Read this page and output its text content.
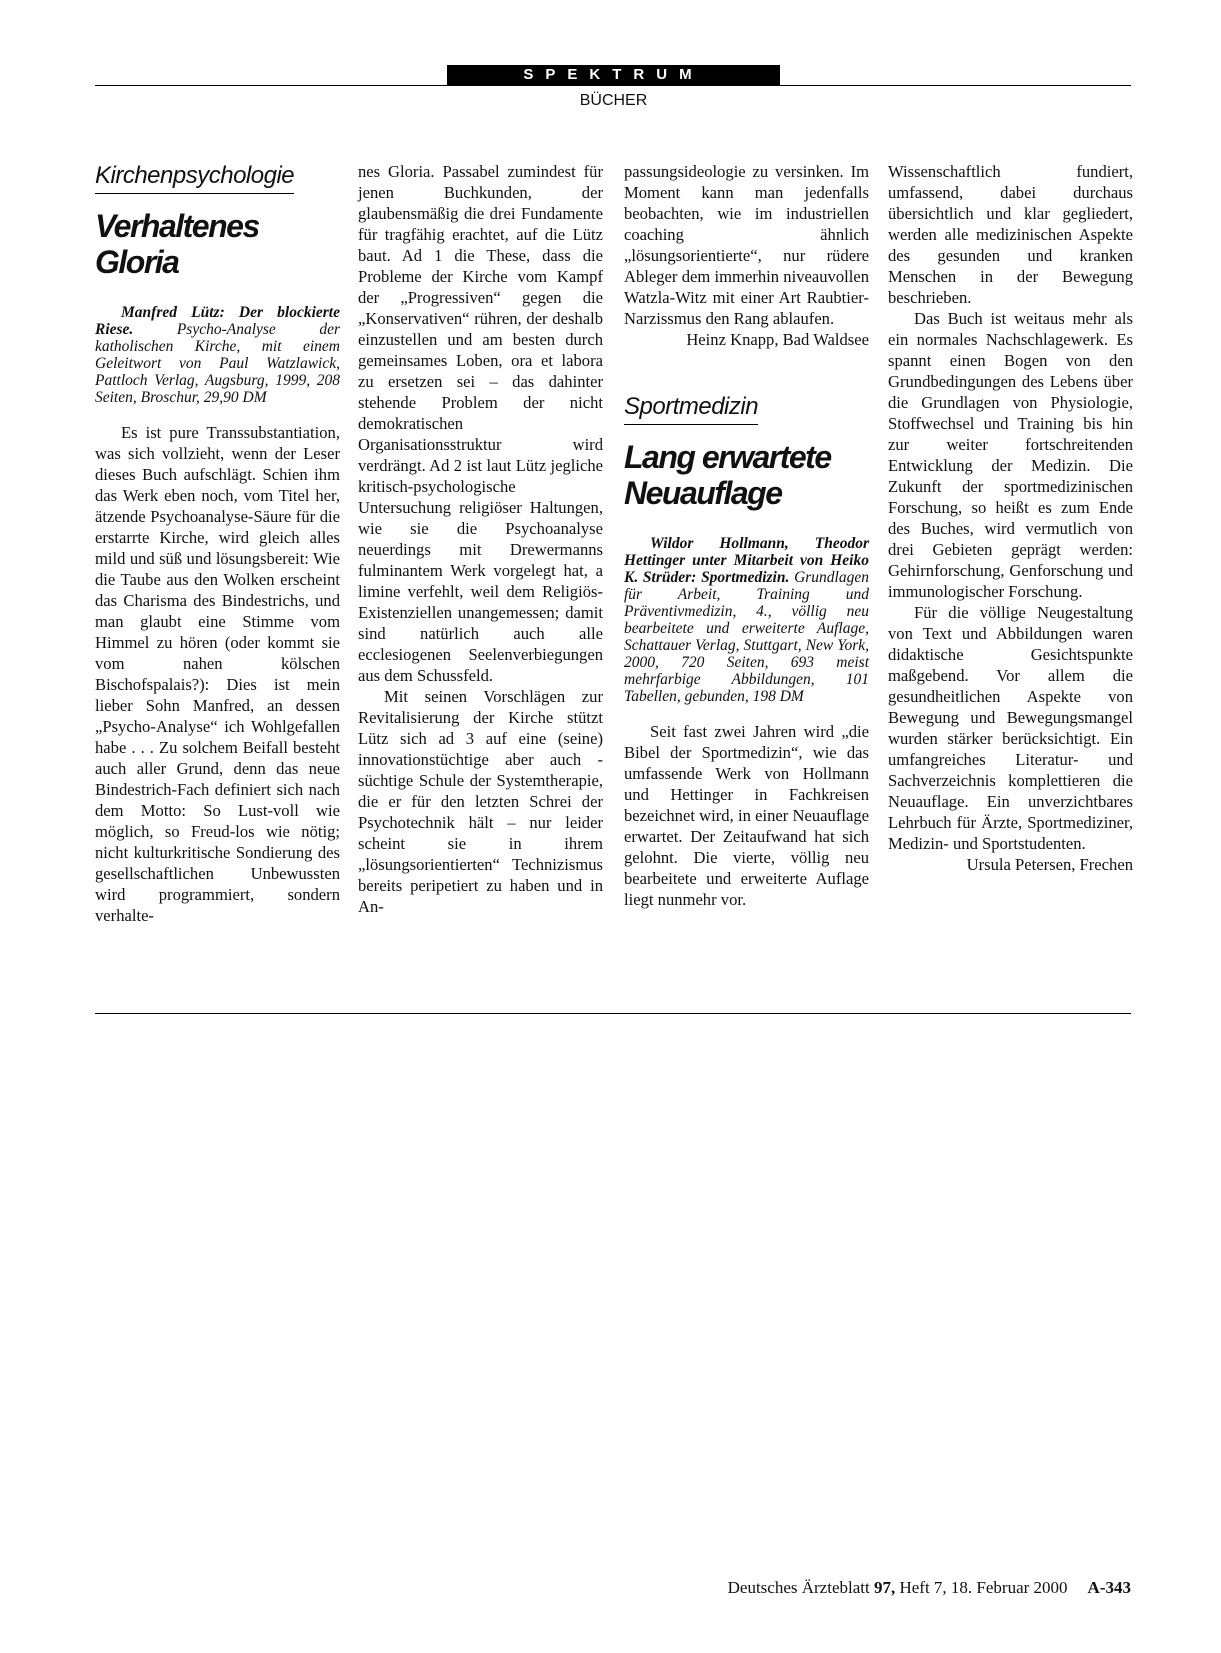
SPEKTRUM
BÜCHER
Kirchenpsychologie
Verhaltenes
Gloria

Manfred Lütz: Der blockierte Riese. Psycho-Analyse der katholischen Kirche, mit einem Geleitwort von Paul Watzlawick, Pattloch Verlag, Augsburg, 1999, 208 Seiten, Broschur, 29,90 DM

Es ist pure Transsubstantiation, was sich vollzieht, wenn der Leser dieses Buch aufschlägt. Schien ihm das Werk eben noch, vom Titel her, ätzende Psychoanalyse-Säure für die erstarrte Kirche, wird gleich alles mild und süß und lösungsbereit: Wie die Taube aus den Wolken erscheint das Charisma des Bindestrichs, und man glaubt eine Stimme vom Himmel zu hören (oder kommt sie vom nahen kölschen Bischofspalais?): Dies ist mein lieber Sohn Manfred, an dessen „Psycho-Analyse“ ich Wohlgefallen habe . . . Zu solchem Beifall besteht auch aller Grund, denn das neue Bindestrich-Fach definiert sich nach dem Motto: So Lust-voll wie möglich, so Freud-los wie nötig; nicht kulturkritische Sondierung des gesellschaftlichen Unbewussten wird programmiert, sondern verhalte-

nes Gloria. Passabel zumindest für jenen Buchkunden, der glaubensmäßig die drei Fundamente für tragfähig erachtet, auf die Lütz baut. Ad 1 die These, dass die Probleme der Kirche vom Kampf der „Progressiven“ gegen die „Konservativen“ rühren, der deshalb einzustellen und am besten durch gemeinsames Loben, ora et labora zu ersetzen sei – das dahinter stehende Problem der nicht demokratischen Organisationsstruktur wird verdrängt. Ad 2 ist laut Lütz jegliche kritisch-psychologische Untersuchung religiöser Haltungen, wie sie die Psychoanalyse neuerdings mit Drewermanns fulminantem Werk vorgelegt hat, a limine verfehlt, weil dem Religiös-Existenziellen unangemessen; damit sind natürlich auch alle ecclesiogenen Seelenverbiegungen aus dem Schussfeld.

Mit seinen Vorschlägen zur Revitalisierung der Kirche stützt Lütz sich ad 3 auf eine (seine) innovationstüchtige aber auch -süchtige Schule der Systemtherapie, die er für den letzten Schrei der Psychotechnik hält – nur leider scheint sie in ihrem „lösungsorientierten“ Technizismus bereits peripetiert zu haben und in An-

passungsideologie zu versinken. Im Moment kann man jedenfalls beobachten, wie im industriellen coaching ähnlich „lösungsorientierte“, nur rüdere Ableger dem immerhin niveauvollen Watzla-Witz mit einer Art Raubtier-Narzissmus den Rang ablaufen.

Heinz Knapp, Bad Waldsee

Sportmedizin
Lang erwartete
Neuauflage

Wildor Hollmann, Theodor Hettinger unter Mitarbeit von Heiko K. Strüder: Sportmedizin. Grundlagen für Arbeit, Training und Präventivmedizin, 4., völlig neu bearbeitete und erweiterte Auflage, Schattauer Verlag, Stuttgart, New York, 2000, 720 Seiten, 693 meist mehrfarbige Abbildungen, 101 Tabellen, gebunden, 198 DM

Seit fast zwei Jahren wird „die Bibel der Sportmedizin“, wie das umfassende Werk von Hollmann und Hettinger in Fachkreisen bezeichnet wird, in einer Neuauflage erwartet. Der Zeitaufwand hat sich gelohnt. Die vierte, völlig neu bearbeitete und erweiterte Auflage liegt nunmehr vor.

Wissenschaftlich fundiert, umfassend, dabei durchaus übersichtlich und klar gegliedert, werden alle medizinischen Aspekte des gesunden und kranken Menschen in der Bewegung beschrieben.

Das Buch ist weitaus mehr als ein normales Nachschlagewerk. Es spannt einen Bogen von den Grundbedingungen des Lebens über die Grundlagen von Physiologie, Stoffwechsel und Training bis hin zur weiter fortschreitenden Entwicklung der Medizin. Die Zukunft der sportmedizinischen Forschung, so heißt es zum Ende des Buches, wird vermutlich von drei Gebieten geprägt werden: Gehirnforschung, Genforschung und immunologischer Forschung.

Für die völlige Neugestaltung von Text und Abbildungen waren didaktische Gesichtspunkte maßgebend. Vor allem die gesundheitlichen Aspekte von Bewegung und Bewegungsmangel wurden stärker berücksichtigt. Ein umfangreiches Literatur- und Sachverzeichnis komplettieren die Neuauflage. Ein unverzichtbares Lehrbuch für Ärzte, Sportmediziner, Medizin- und Sportstudenten.

Ursula Petersen, Frechen

Deutsches Ärzteblatt 97, Heft 7, 18. Februar 2000 A-343
